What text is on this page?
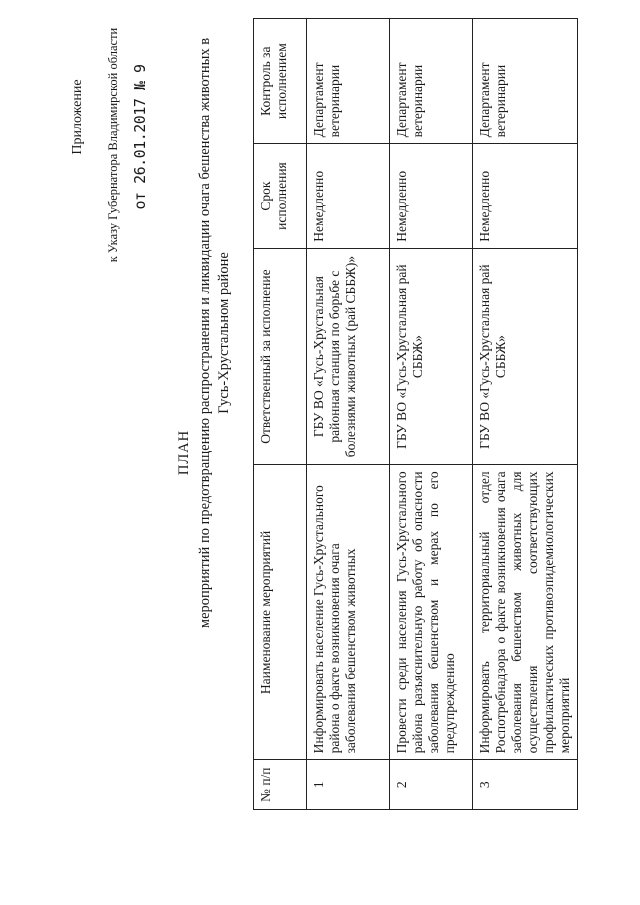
Приложение к Указу Губернатора Владимирской области от 26.01.2017 № 9
ПЛАН мероприятий по предотвращению распространения и ликвидации очага бешенства животных в Гусь-Хрустальном районе
№ п/п	Наименование мероприятий	Ответственный за исполнение	Срок исполнения	Контроль за исполнением
1	Информировать население Гусь-Хрустального района о факте возникновения очага заболевания бешенством животных	ГБУ ВО «Гусь-Хрустальная районная станция по борьбе с болезнями животных (рай СББЖ)»	Немедленно	Департамент ветеринарии
2	Провести среди населения Гусь-Хрустального района разъяснительную работу об опасности заболевания бешенством и мерах по его предупреждению	ГБУ ВО «Гусь-Хрустальная рай СББЖ»	Немедленно	Департамент ветеринарии
3	Информировать территориальный отдел Роспотребнадзора о факте возникновения очага заболевания бешенством животных для осуществления соответствующих профилактических противоэпидемиологических мероприятий	ГБУ ВО «Гусь-Хрустальная рай СББЖ»	Немедленно	Департамент ветеринарии
